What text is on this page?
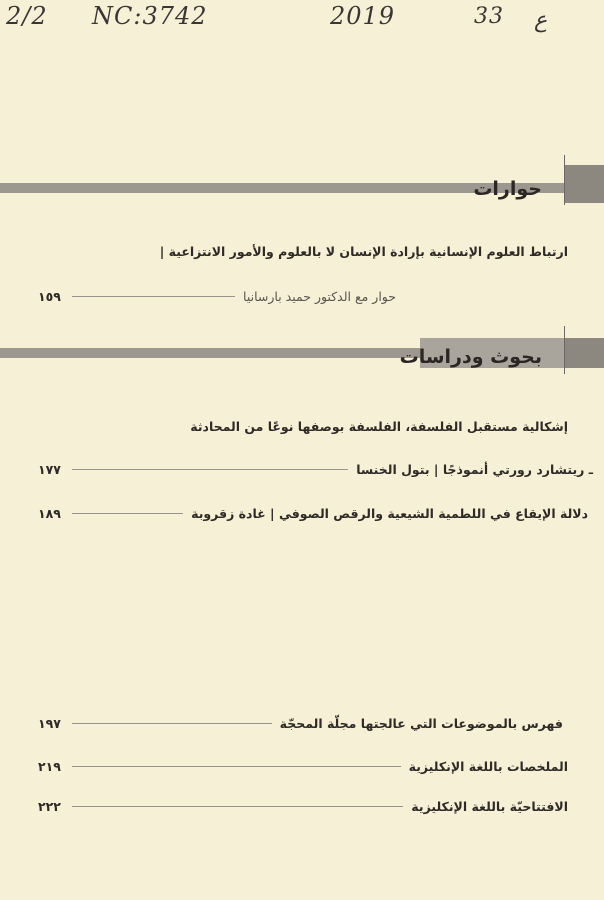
2/2 NC:3742	2019	33 ع
حوارات
ارتباط العلوم الإنسانية بإرادة الإنسان لا بالعلوم والأمور الانتزاعية |
١٥٩	حوار مع الدكتور حميد بارسانيا
بحوث ودراسات
إشكالية مستقبل الفلسفة، الفلسفة بوصفها نوعًا من المحادثة
١٧٧	ـ ريتشارد رورتي أنموذجًا | بتول الخنسا
١٨٩	دلالة الإيقاع في اللطمية الشيعية والرقص الصوفي | غادة زقروبة
١٩٧	فهرس بالموضوعات التي عالجتها مجلّة المحجّة
٢١٩	الملخصات باللغة الإنكليزية
٢٢٢	الافتتاحيّة باللغة الإنكليزية
